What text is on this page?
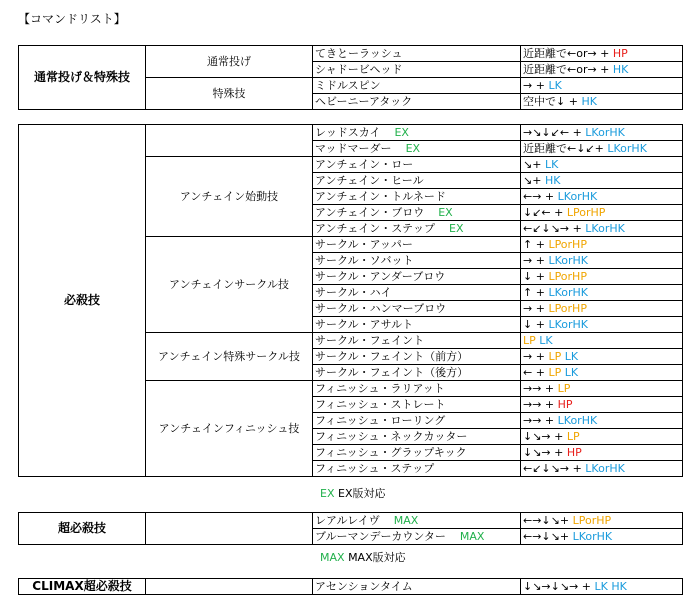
【コマンドリスト】
通常投げ＆特殊技	通常投げ	てきとーラッシュ	近距離で←or→ + HP
		シャドービヘッド	近距離で←or→ + HK
	特殊技	ミドルスピン	→ + LK
		ヘビーニーアタック	空中で↓ + HK
必殺技		レッドスカイ EX	→↘↓↙← + LKorHK
		マッドマーダー EX	近距離で←↓↙+ LKorHK
	アンチェイン始動技	アンチェイン・ロー	↘+ LK
		アンチェイン・ヒール	↘+ HK
		アンチェイン・トルネード	←→ + LKorHK
		アンチェイン・ブロウ EX	↓↙← + LPorHP
		アンチェイン・ステップ EX	←↙↓↘→ + LKorHK
	アンチェインサークル技	サークル・アッパー	↑ + LPorHP
		サークル・ソバット	→ + LKorHK
		サークル・アンダーブロウ	↓ + LPorHP
		サークル・ハイ	↑ + LKorHK
		サークル・ハンマーブロウ	→ + LPorHP
		サークル・アサルト	↓ + LKorHK
	アンチェイン特殊サークル技	サークル・フェイント	LP LK
		サークル・フェイント（前方）	→ + LP LK
		サークル・フェイント（後方）	← + LP LK
	アンチェインフィニッシュ技	フィニッシュ・ラリアット	→→ + LP
		フィニッシュ・ストレート	→→ + HP
		フィニッシュ・ローリング	→→ + LKorHK
		フィニッシュ・ネックカッター	↓↘→ + LP
		フィニッシュ・グラップキック	↓↘→ + HP
		フィニッシュ・ステップ	←↙↓↘→ + LKorHK
EX EX版対応
超必殺技		レアルレイヴ MAX	←→↓↘+ LPorHP
		ブルーマンデーカウンター MAX	←→↓↘+ LKorHK
MAX MAX版対応
CLIMAX超必殺技		アセンションタイム	↓↘→↓↘→ + LK HK
